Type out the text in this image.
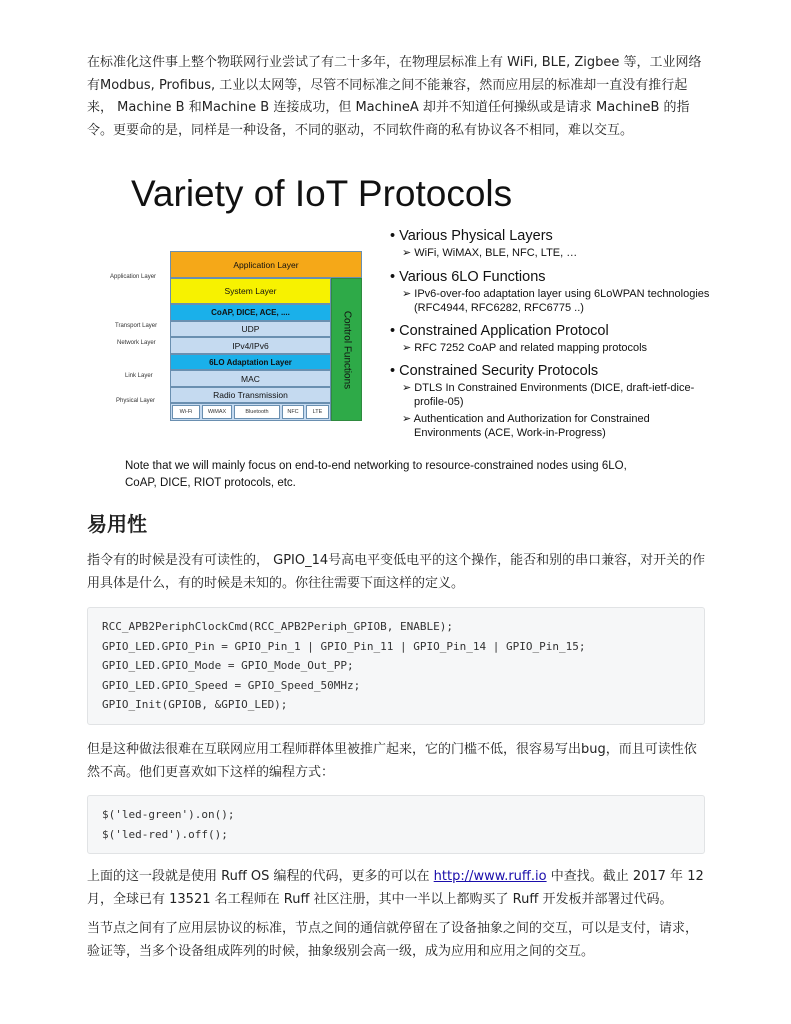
在标准化这件事上整个物联网行业尝试了有二十多年，在物理层标准上有 WiFi, BLE, Zigbee 等，工业网络有Modbus, Profibus, 工业以太网等，尽管不同标准之间不能兼容，然而应用层的标准却一直没有推行起来， Machine B 和Machine B 连接成功，但 MachineA 却并不知道任何操纵或是请求 MachineB 的指令。更要命的是，同样是一种设备，不同的驱动，不同软件商的私有协议各不相同，难以交互。

Variety of IoT Protocols
Application Layer
Transport Layer
Network Layer
Link Layer
Physical Layer
Application Layer
System Layer
CoAP, DICE, ACE, ....
UDP
IPv4/IPv6
6LO Adaptation Layer
MAC
Radio Transmission
Wi-Fi	WiMAX	Bluetooth	NFC	LTE
Control Functions

• Various Physical Layers

➢ WiFi, WiMAX, BLE, NFC, LTE, …

• Various 6LO Functions

➢ IPv6-over-foo adaptation layer using 6LoWPAN technologies (RFC4944, RFC6282, RFC6775 ..)

• Constrained Application Protocol

➢ RFC 7252 CoAP and related mapping protocols

• Constrained Security Protocols

➢ DTLS In Constrained Environments (DICE, draft-ietf-dice-profile-05)

➢ Authentication and Authorization for Constrained Environments (ACE, Work-in-Progress)

Note that we will mainly focus on end-to-end networking to resource-constrained nodes using 6LO, CoAP, DICE, RIOT protocols, etc.
易用性

指令有的时候是没有可读性的， GPIO_14号高电平变低电平的这个操作，能否和别的串口兼容，对开关的作用具体是什么，有的时候是未知的。你往往需要下面这样的定义。

RCC_APB2PeriphClockCmd(RCC_APB2Periph_GPIOB, ENABLE);
GPIO_LED.GPIO_Pin = GPIO_Pin_1 | GPIO_Pin_11 | GPIO_Pin_14 | GPIO_Pin_15;
GPIO_LED.GPIO_Mode = GPIO_Mode_Out_PP;
GPIO_LED.GPIO_Speed = GPIO_Speed_50MHz;
GPIO_Init(GPIOB, &GPIO_LED);

但是这种做法很难在互联网应用工程师群体里被推广起来，它的门槛不低，很容易写出bug，而且可读性依然不高。他们更喜欢如下这样的编程方式：

$('led-green').on();
$('led-red').off();

上面的这一段就是使用 Ruff OS 编程的代码，更多的可以在 http://www.ruff.io 中查找。截止 2017 年 12 月，全球已有 13521 名工程师在 Ruff 社区注册，其中一半以上都购买了 Ruff 开发板并部署过代码。

当节点之间有了应用层协议的标准，节点之间的通信就停留在了设备抽象之间的交互，可以是支付，请求，验证等，当多个设备组成阵列的时候，抽象级别会高一级，成为应用和应用之间的交互。
